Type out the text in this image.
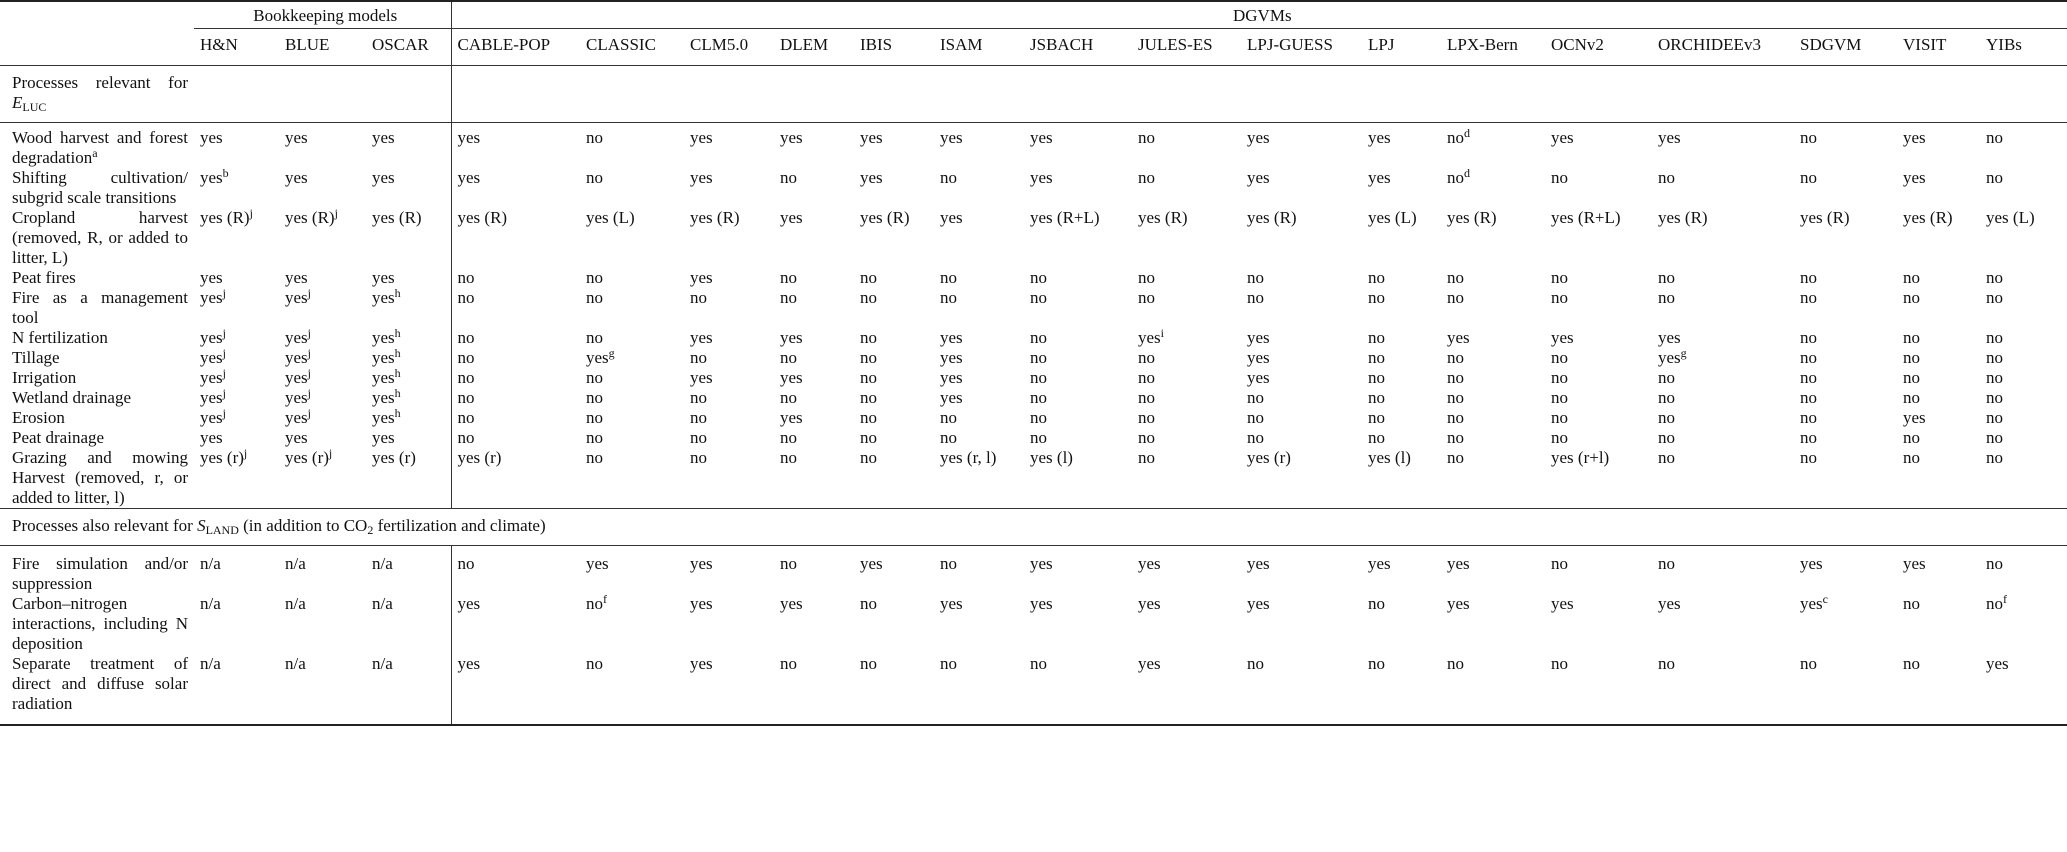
	Bookkeeping models			DGVMs															
	H&N	BLUE	OSCAR	CABLE-POP	CLASSIC	CLM5.0	DLEM	IBIS	ISAM	JSBACH	JULES-ES	LPJ-GUESS	LPJ	LPX-Bern	OCNv2	ORCHIDEEv3	SDGVM	VISIT	YIBs
Processes relevant for $E_{LUC}$		
Wood harvest and forest degradation$^a$	yes	yes	yes	yes	no	yes	yes	yes	yes	yes	no	yes	yes	$no^d$	yes	yes	no	yes	no
Shifting cultivation/ subgrid scale transitions	yes$^b$	yes	yes	yes	no	yes	no	yes	no	yes	no	yes	yes	$no^d$	no	no	no	yes	no
Cropland harvest (removed, R, or added to litter, L)	yes $(R)^j$	yes $(R)^j$	yes (R)	yes (R)	yes (L)	yes (R)	yes	yes (R)	yes	yes (R+L)	yes (R)	yes (R)	yes (L)	yes (R)	yes (R+L)	yes (R)	yes (R)	yes (R)	yes (L)
Peat fires	yes	yes	yes	no	no	yes	no	no	no	no	no	no	no	no	no	no	no	no	no
Fire as a management tool	yes$^j$	yes$^j$	yes$^h$	no	no	no	no	no	no	no	no	no	no	no	no	no	no	no	no
N fertilization	yes$^j$	yes$^j$	yes$^h$	no	no	yes	yes	no	yes	no	yes$^i$	yes	no	yes	yes	yes	no	no	no
Tillage	yes$^j$	yes$^j$	yes$^h$	no	yes$^g$	no	no	no	yes	no	no	yes	no	no	no	yes$^g$	no	no	no
Irrigation	yes$^j$	yes$^j$	yes$^h$	no	no	yes	yes	no	yes	no	no	yes	no	no	no	no	no	no	no
Wetland drainage	yes$^j$	yes$^j$	yes$^h$	no	no	no	no	no	yes	no	no	no	no	no	no	no	no	no	no
Erosion	yes$^j$	yes$^j$	yes$^h$	no	no	no	yes	no	no	no	no	no	no	no	no	no	no	yes	no
Peat drainage	yes	yes	yes	no	no	no	no	no	no	no	no	no	no	no	no	no	no	no	no
Grazing and mowing Harvest (removed, r, or added to litter, l)	yes $(r)^j$	yes $(r)^j$	yes (r)	yes (r)	no	no	no	no	yes (r, l)	yes (l)	no	yes (r)	yes (l)	no	yes (r+l)	no	no	no	no
Processes also relevant for $S_{LAND}$ (in addition to $CO_2$ fertilization and climate)																			
Fire simulation and/or suppression	n/a	n/a	n/a	no	yes	yes	no	yes	no	yes	yes	yes	yes	yes	no	no	yes	yes	no
Carbon–nitrogen interactions, including N deposition	n/a	n/a	n/a	yes	$no^f$	yes	yes	no	yes	yes	yes	yes	no	yes	yes	yes	yes$^c$	no	$no^f$
Separate treatment of direct and diffuse solar radiation	n/a	n/a	n/a	yes	no	yes	no	no	no	no	yes	no	no	no	no	no	no	no	yes
